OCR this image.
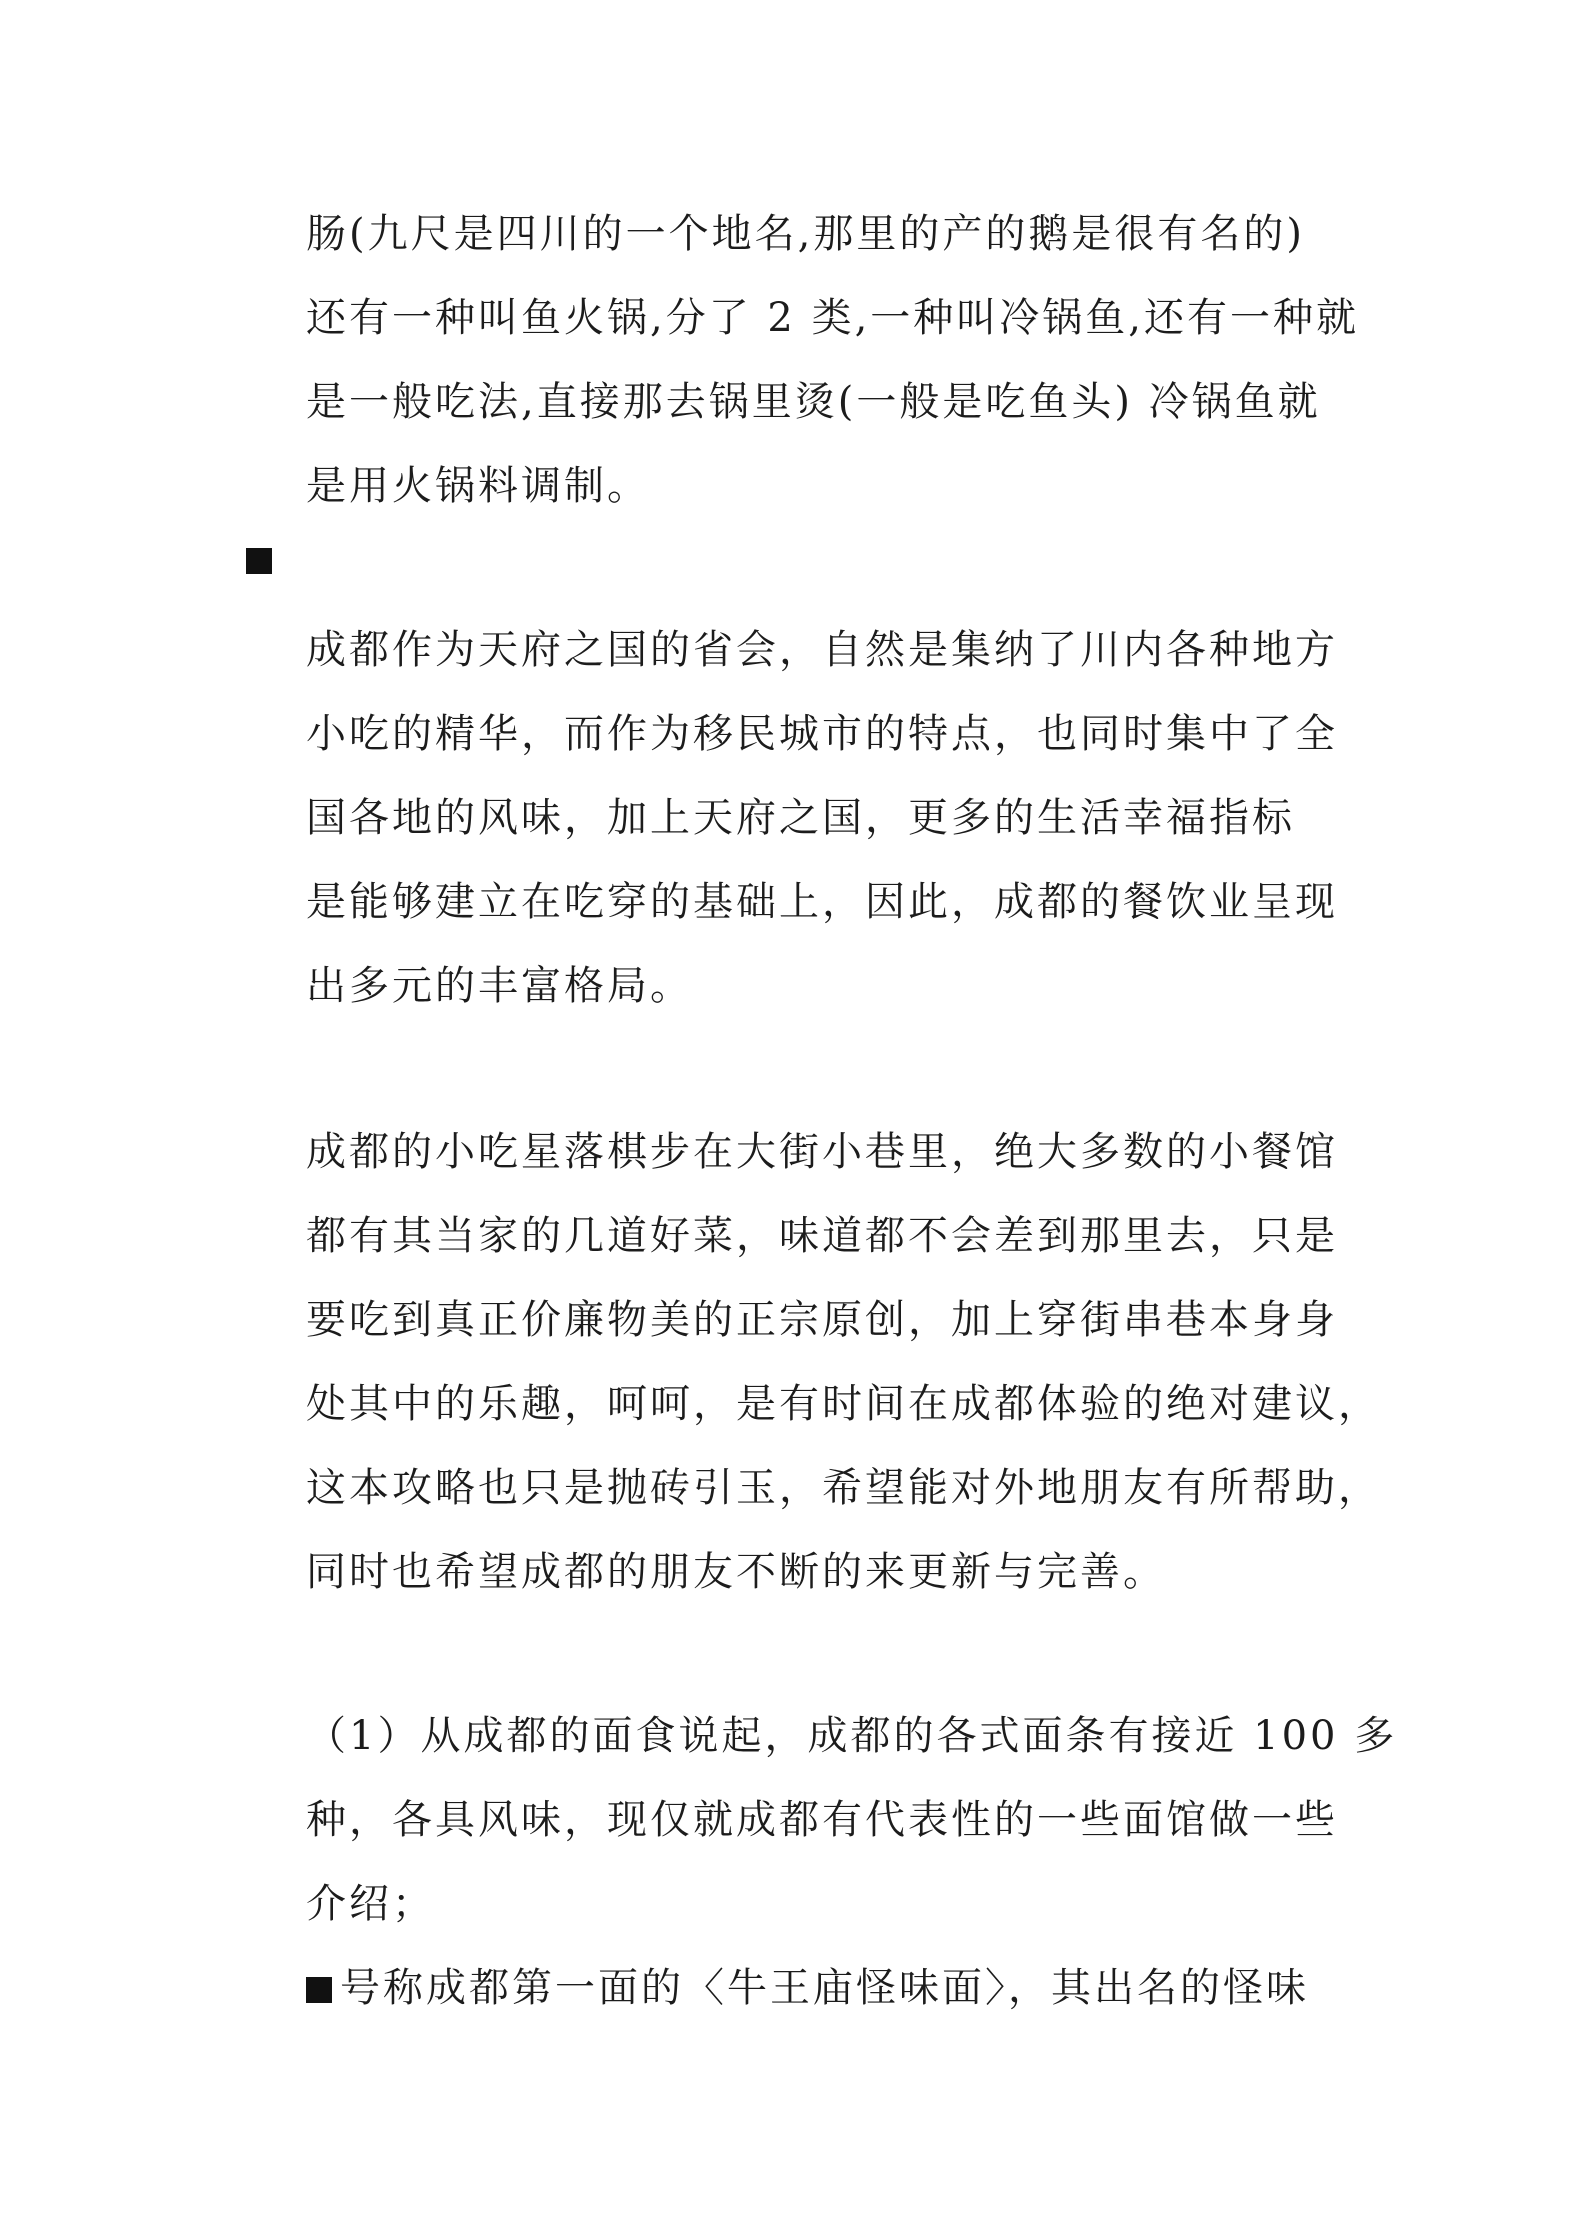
肠(九尺是四川的一个地名,那里的产的鹅是很有名的)
还有一种叫鱼火锅,分了 2 类,一种叫冷锅鱼,还有一种就
是一般吃法,直接那去锅里烫(一般是吃鱼头) 冷锅鱼就
是用火锅料调制。
成都作为天府之国的省会，自然是集纳了川内各种地方
小吃的精华，而作为移民城市的特点，也同时集中了全
国各地的风味，加上天府之国，更多的生活幸福指标
是能够建立在吃穿的基础上，因此，成都的餐饮业呈现
出多元的丰富格局。
成都的小吃星落棋步在大街小巷里，绝大多数的小餐馆
都有其当家的几道好菜，味道都不会差到那里去，只是
要吃到真正价廉物美的正宗原创，加上穿街串巷本身身
处其中的乐趣，呵呵，是有时间在成都体验的绝对建议，
这本攻略也只是抛砖引玉，希望能对外地朋友有所帮助，
同时也希望成都的朋友不断的来更新与完善。
（1）从成都的面食说起，成都的各式面条有接近 100 多
种，各具风味，现仅就成都有代表性的一些面馆做一些
介绍；
号称成都第一面的〈牛王庙怪味面〉，其出名的怪味
